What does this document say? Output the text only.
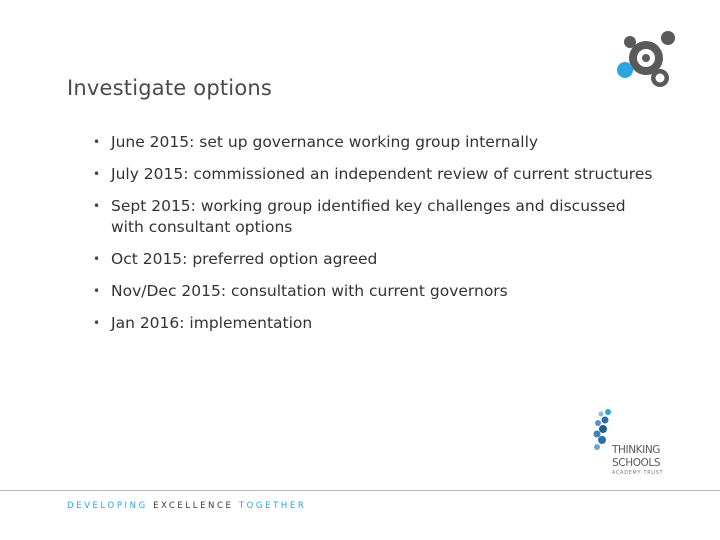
Investigate options
• June 2015: set up governance working group internally
• July 2015: commissioned an independent review of current structures
• Sept 2015: working group identified key challenges and discussed with consultant options
• Oct 2015: preferred option agreed
• Nov/Dec 2015: consultation with current governors
• Jan 2016: implementation
THINKING
SCHOOLS
ACADEMY TRUST
DEVELOPING EXCELLENCE TOGETHER
